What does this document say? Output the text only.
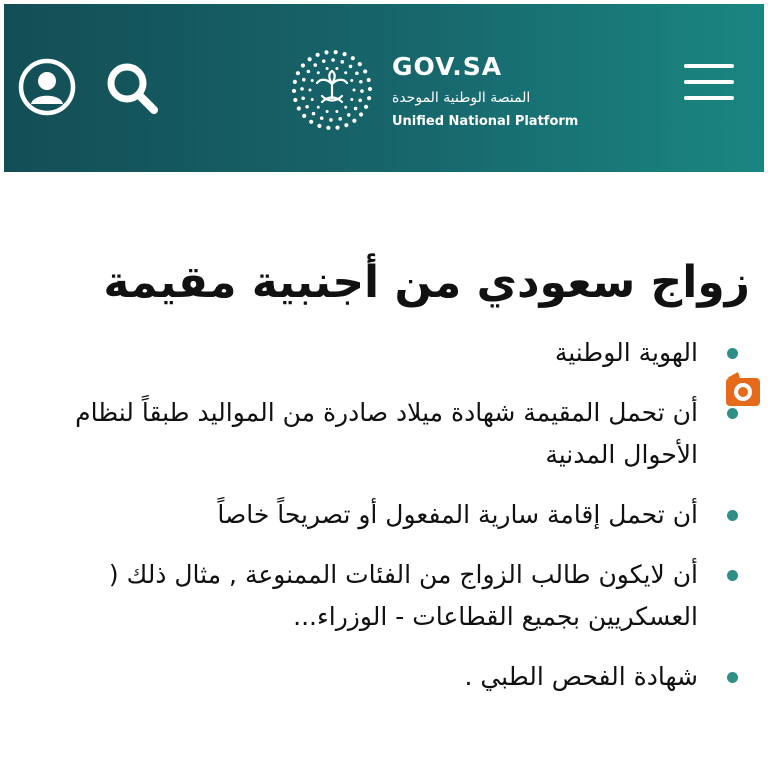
GOV.SA
المنصة الوطنية الموحدة
Unified National Platform
زواج سعودي من أجنبية مقيمة
الهوية الوطنية
أن تحمل المقيمة شهادة ميلاد صادرة من المواليد طبقاً لنظام الأحوال المدنية
أن تحمل إقامة سارية المفعول أو تصريحاً خاصاً
أن لايكون طالب الزواج من الفئات الممنوعة , مثال ذلك ( العسكريين بجميع القطاعات - الوزراء...
شهادة الفحص الطبي .
